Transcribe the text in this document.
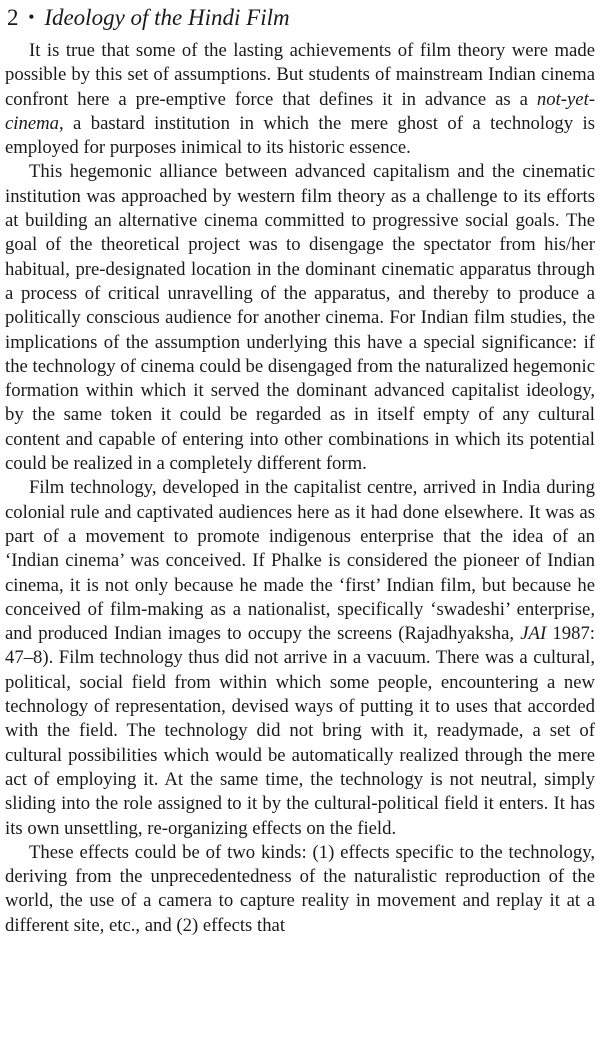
2 • Ideology of the Hindi Film

It is true that some of the lasting achievements of film theory were made possible by this set of assumptions. But students of mainstream Indian cinema confront here a pre-emptive force that defines it in advance as a not-yet-cinema, a bastard institution in which the mere ghost of a technology is employed for purposes inimical to its historic essence.

This hegemonic alliance between advanced capitalism and the cinematic institution was approached by western film theory as a challenge to its efforts at building an alternative cinema committed to progressive social goals. The goal of the theoretical project was to disengage the spectator from his/her habitual, pre-designated location in the dominant cinematic apparatus through a process of critical unravelling of the apparatus, and thereby to produce a politically conscious audience for another cinema. For Indian film studies, the implications of the assumption underlying this have a special significance: if the technology of cinema could be disengaged from the naturalized hegemonic formation within which it served the dominant advanced capitalist ideology, by the same token it could be regarded as in itself empty of any cultural content and capable of entering into other combinations in which its potential could be realized in a completely different form.

Film technology, developed in the capitalist centre, arrived in India during colonial rule and captivated audiences here as it had done elsewhere. It was as part of a movement to promote indigenous enterprise that the idea of an ‘Indian cinema’ was conceived. If Phalke is considered the pioneer of Indian cinema, it is not only because he made the ‘first’ Indian film, but because he conceived of film-making as a nationalist, specifically ‘swadeshi’ enterprise, and produced Indian images to occupy the screens (Rajadhyaksha, JAI 1987: 47–8). Film technology thus did not arrive in a vacuum. There was a cultural, political, social field from within which some people, encountering a new technology of representation, devised ways of putting it to uses that accorded with the field. The technology did not bring with it, readymade, a set of cultural possibilities which would be automatically realized through the mere act of employing it. At the same time, the technology is not neutral, simply sliding into the role assigned to it by the cultural-political field it enters. It has its own unsettling, re-organizing effects on the field.

These effects could be of two kinds: (1) effects specific to the technology, deriving from the unprecedentedness of the naturalistic reproduction of the world, the use of a camera to capture reality in movement and replay it at a different site, etc., and (2) effects that
